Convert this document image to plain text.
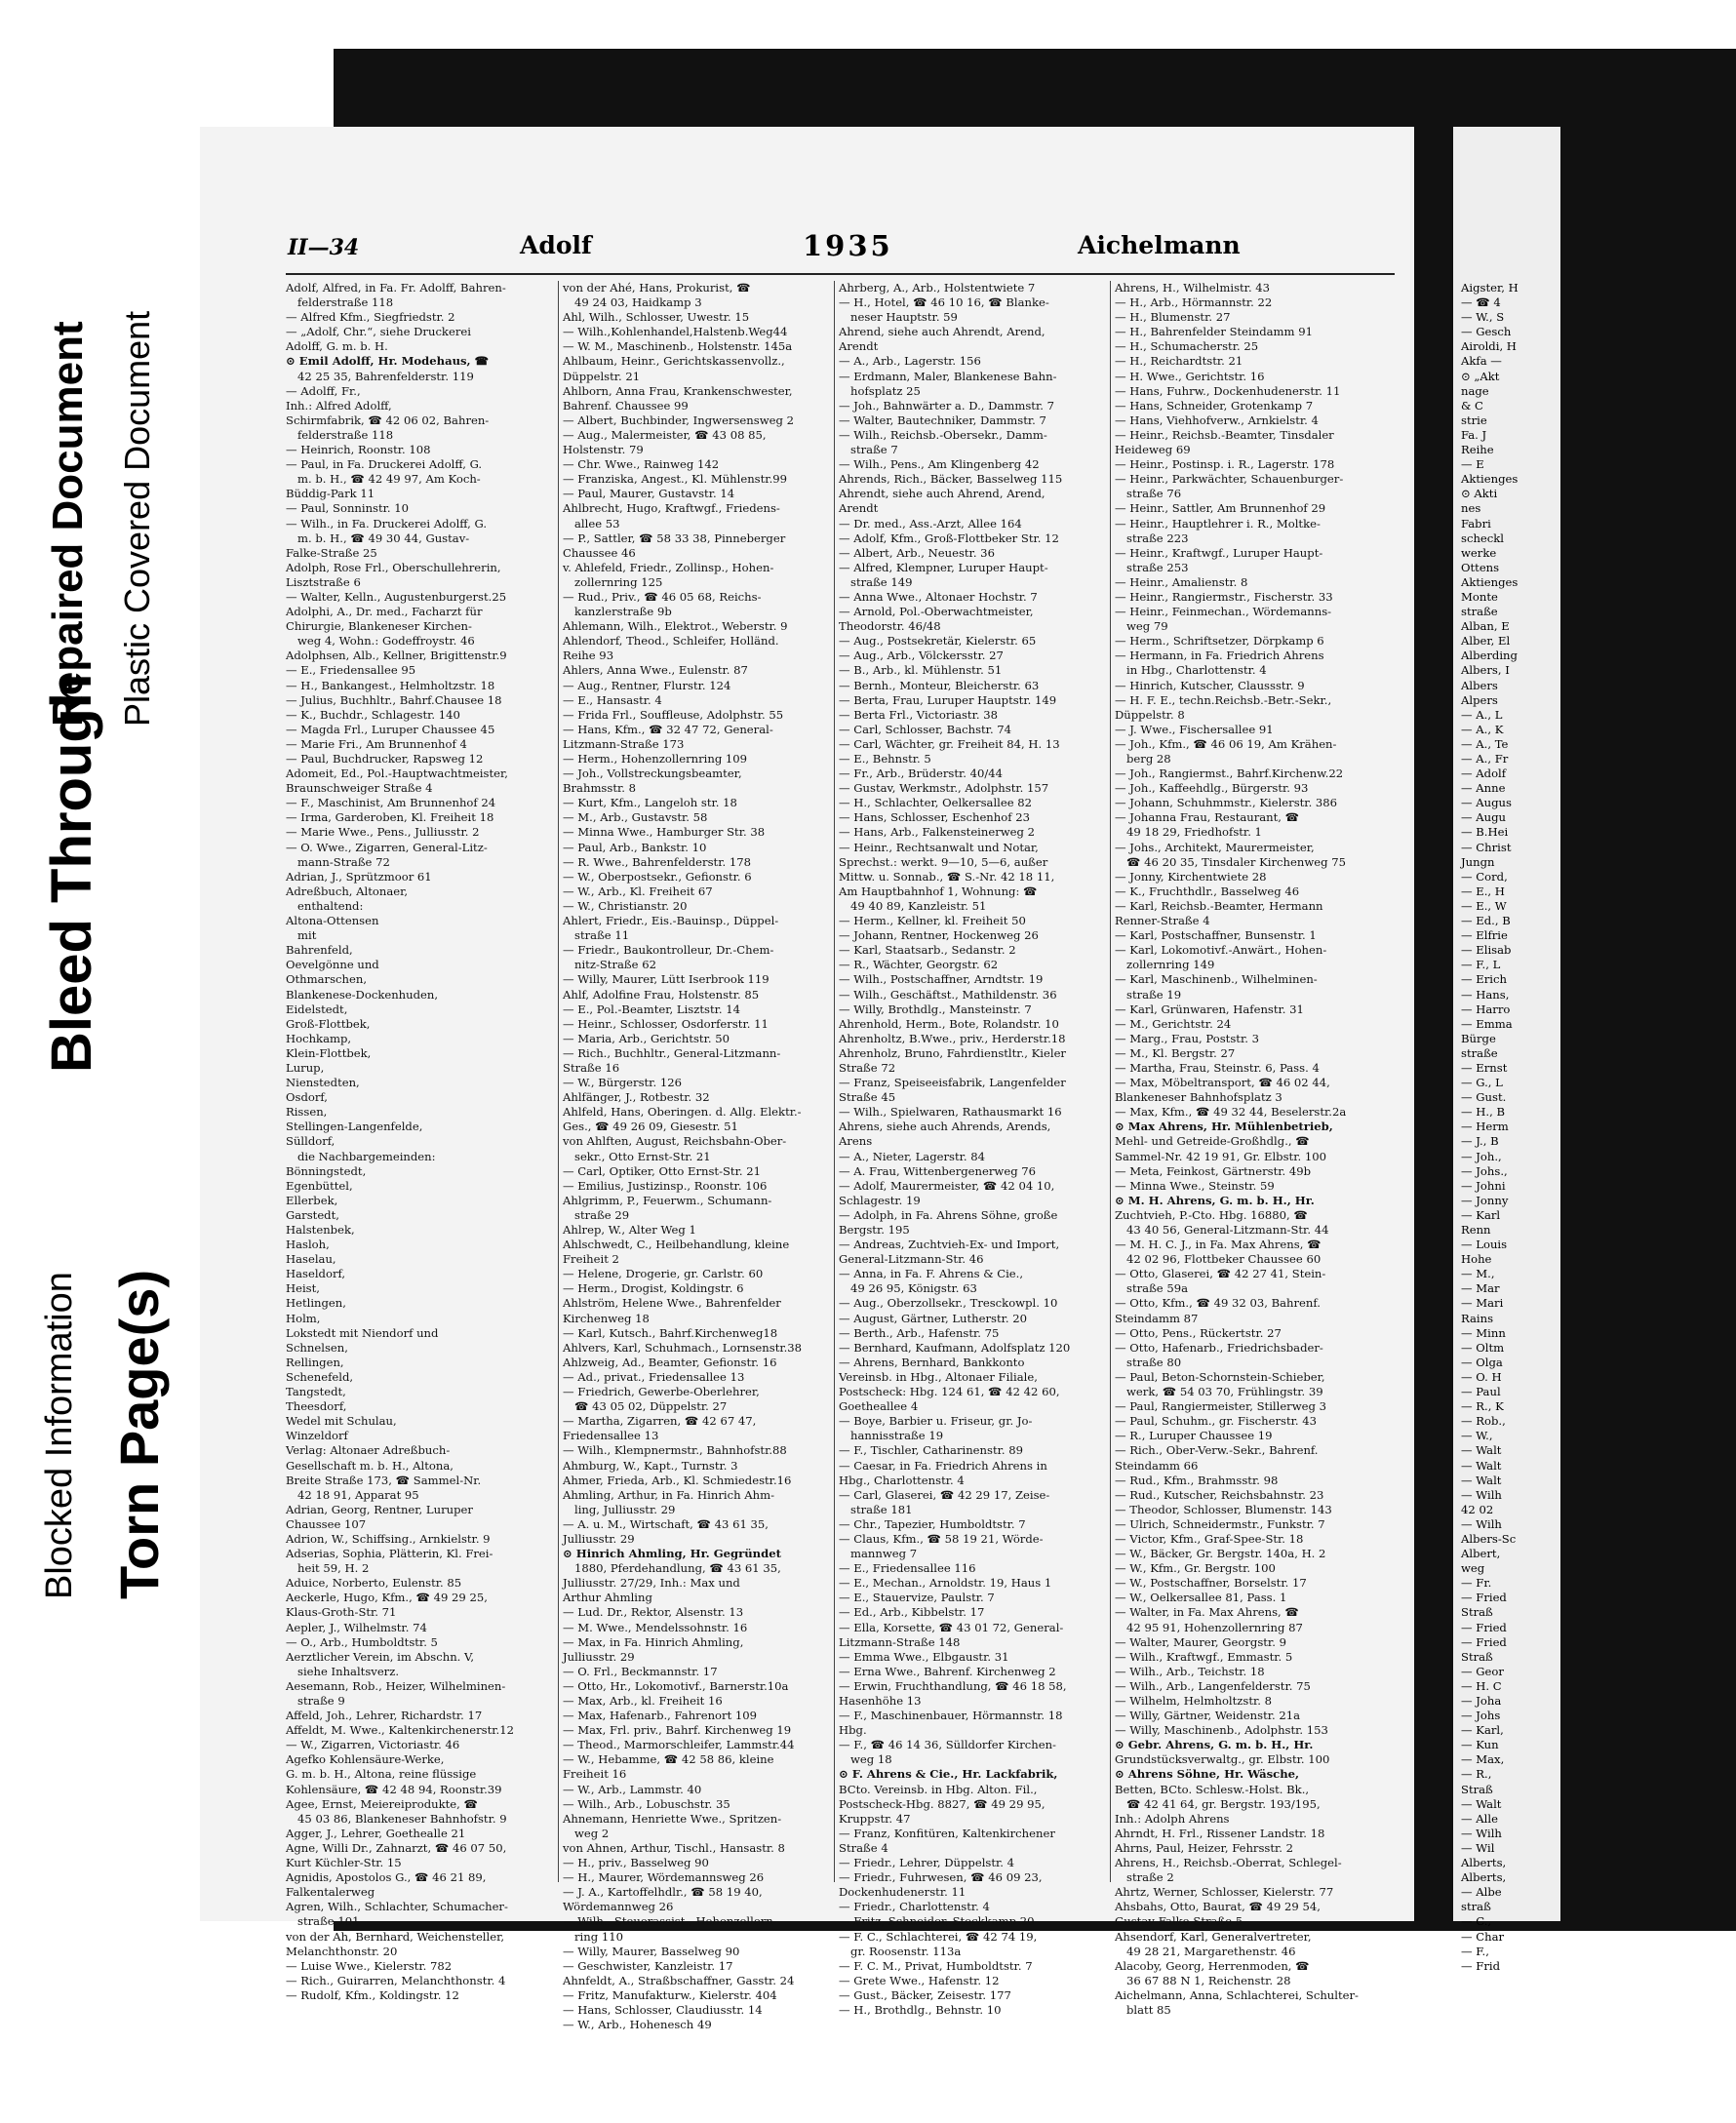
Blocked Information
Bleed Through
Torn Page(s)
Repaired Document Plastic Covered Document
II—34	Adolf	1935	Aichelmann
Adolf, Alfred, in Fa. Fr. Adolff, Bahren-
felderstraße 118
— Alfred Kfm., Siegfriedstr. 2
— „Adolf, Chr.“, siehe Druckerei
Adolff, G. m. b. H.
⊙ Emil Adolff, Hr. Modehaus, ☎
42 25 35, Bahrenfelderstr. 119
— Adolff, Fr.,
Inh.: Alfred Adolff,
Schirmfabrik, ☎ 42 06 02, Bahren-
felderstraße 118
— Heinrich, Roonstr. 108
— Paul, in Fa. Druckerei Adolff, G.
m. b. H., ☎ 42 49 97, Am Koch-
Büddig-Park 11
— Paul, Sonninstr. 10
— Wilh., in Fa. Druckerei Adolff, G.
m. b. H., ☎ 49 30 44, Gustav-
Falke-Straße 25
Adolph, Rose Frl., Oberschullehrerin,
Lisztstraße 6
— Walter, Kelln., Augustenburgerst.25
Adolphi, A., Dr. med., Facharzt für
Chirurgie, Blankeneser Kirchen-
weg 4, Wohn.: Godeffroystr. 46
Adolphsen, Alb., Kellner, Brigittenstr.9
— E., Friedensallee 95
— H., Bankangest., Helmholtzstr. 18
— Julius, Buchhltr., Bahrf.Chausee 18
— K., Buchdr., Schlagestr. 140
— Magda Frl., Luruper Chaussee 45
— Marie Fri., Am Brunnenhof 4
— Paul, Buchdrucker, Rapsweg 12
Adomeit, Ed., Pol.-Hauptwachtmeister,
Braunschweiger Straße 4
— F., Maschinist, Am Brunnenhof 24
— Irma, Garderoben, Kl. Freiheit 18
— Marie Wwe., Pens., Julliusstr. 2
— O. Wwe., Zigarren, General-Litz-
mann-Straße 72
Adrian, J., Sprützmoor 61
Adreßbuch, Altonaer,
enthaltend:
Altona-Ottensen
mit
Bahrenfeld,
Oevelgönne und
Othmarschen,
Blankenese-Dockenhuden,
Eidelstedt,
Groß-Flottbek,
Hochkamp,
Klein-Flottbek,
Lurup,
Nienstedten,
Osdorf,
Rissen,
Stellingen-Langenfelde,
Sülldorf,
die Nachbargemeinden:
Bönningstedt,
Egenbüttel,
Ellerbek,
Garstedt,
Halstenbek,
Hasloh,
Haselau,
Haseldorf,
Heist,
Hetlingen,
Holm,
Lokstedt mit Niendorf und
Schnelsen,
Rellingen,
Schenefeld,
Tangstedt,
Theesdorf,
Wedel mit Schulau,
Winzeldorf
Verlag: Altonaer Adreßbuch-
Gesellschaft m. b. H., Altona,
Breite Straße 173, ☎ Sammel-Nr.
42 18 91, Apparat 95
Adrian, Georg, Rentner, Luruper
Chaussee 107
Adrion, W., Schiffsing., Arnkielstr. 9
Adserias, Sophia, Plätterin, Kl. Frei-
heit 59, H. 2
Aduice, Norberto, Eulenstr. 85
Aeckerle, Hugo, Kfm., ☎ 49 29 25,
Klaus-Groth-Str. 71
Aepler, J., Wilhelmstr. 74
— O., Arb., Humboldtstr. 5
Aerztlicher Verein, im Abschn. V,
siehe Inhaltsverz.
Aesemann, Rob., Heizer, Wilhelminen-
straße 9
Affeld, Joh., Lehrer, Richardstr. 17
Affeldt, M. Wwe., Kaltenkirchenerstr.12
— W., Zigarren, Victoriastr. 46
Agefko Kohlensäure-Werke,
G. m. b. H., Altona, reine flüssige
Kohlensäure, ☎ 42 48 94, Roonstr.39
Agee, Ernst, Meiereiprodukte, ☎
45 03 86, Blankeneser Bahnhofstr. 9
Agger, J., Lehrer, Goethealle 21
Agne, Willi Dr., Zahnarzt, ☎ 46 07 50,
Kurt Küchler-Str. 15
Agnidis, Apostolos G., ☎ 46 21 89,
Falkentalerweg
Agren, Wilh., Schlachter, Schumacher-
straße 101
von der Ah, Bernhard, Weichensteller,
Melanchthonstr. 20
— Luise Wwe., Kielerstr. 782
— Rich., Guirarren, Melanchthonstr. 4
— Rudolf, Kfm., Koldingstr. 12
von der Ahé, Hans, Prokurist, ☎
49 24 03, Haidkamp 3
Ahl, Wilh., Schlosser, Uwestr. 15
— Wilh.,Kohlenhandel,Halstenb.Weg44
— W. M., Maschinenb., Holstenstr. 145a
Ahlbaum, Heinr., Gerichtskassenvollz.,
Düppelstr. 21
Ahlborn, Anna Frau, Krankenschwester,
Bahrenf. Chaussee 99
— Albert, Buchbinder, Ingwersensweg 2
— Aug., Malermeister, ☎ 43 08 85,
Holstenstr. 79
— Chr. Wwe., Rainweg 142
— Franziska, Angest., Kl. Mühlenstr.99
— Paul, Maurer, Gustavstr. 14
Ahlbrecht, Hugo, Kraftwgf., Friedens-
allee 53
— P., Sattler, ☎ 58 33 38, Pinneberger
Chaussee 46
v. Ahlefeld, Friedr., Zollinsp., Hohen-
zollernring 125
— Rud., Priv., ☎ 46 05 68, Reichs-
kanzlerstraße 9b
Ahlemann, Wilh., Elektrot., Weberstr. 9
Ahlendorf, Theod., Schleifer, Holländ.
Reihe 93
Ahlers, Anna Wwe., Eulenstr. 87
— Aug., Rentner, Flurstr. 124
— E., Hansastr. 4
— Frida Frl., Souffleuse, Adolphstr. 55
— Hans, Kfm., ☎ 32 47 72, General-
Litzmann-Straße 173
— Herm., Hohenzollernring 109
— Joh., Vollstreckungsbeamter,
Brahmsstr. 8
— Kurt, Kfm., Langeloh str. 18
— M., Arb., Gustavstr. 58
— Minna Wwe., Hamburger Str. 38
— Paul, Arb., Bankstr. 10
— R. Wwe., Bahrenfelderstr. 178
— W., Oberpostsekr., Gefionstr. 6
— W., Arb., Kl. Freiheit 67
— W., Christianstr. 20
Ahlert, Friedr., Eis.-Bauinsp., Düppel-
straße 11
— Friedr., Baukontrolleur, Dr.-Chem-
nitz-Straße 62
— Willy, Maurer, Lütt Iserbrook 119
Ahlf, Adolfine Frau, Holstenstr. 85
— E., Pol.-Beamter, Lisztstr. 14
— Heinr., Schlosser, Osdorferstr. 11
— Maria, Arb., Gerichtstr. 50
— Rich., Buchhltr., General-Litzmann-
Straße 16
— W., Bürgerstr. 126
Ahlfänger, J., Rotbestr. 32
Ahlfeld, Hans, Oberingen. d. Allg. Elektr.-
Ges., ☎ 49 26 09, Giesestr. 51
von Ahlften, August, Reichsbahn-Ober-
sekr., Otto Ernst-Str. 21
— Carl, Optiker, Otto Ernst-Str. 21
— Emilius, Justizinsp., Roonstr. 106
Ahlgrimm, P., Feuerwm., Schumann-
straße 29
Ahlrep, W., Alter Weg 1
Ahlschwedt, C., Heilbehandlung, kleine
Freiheit 2
— Helene, Drogerie, gr. Carlstr. 60
— Herm., Drogist, Koldingstr. 6
Ahlström, Helene Wwe., Bahrenfelder
Kirchenweg 18
— Karl, Kutsch., Bahrf.Kirchenweg18
Ahlvers, Karl, Schuhmach., Lornsenstr.38
Ahlzweig, Ad., Beamter, Gefionstr. 16
— Ad., privat., Friedensallee 13
— Friedrich, Gewerbe-Oberlehrer,
☎ 43 05 02, Düppelstr. 27
— Martha, Zigarren, ☎ 42 67 47,
Friedensallee 13
— Wilh., Klempnermstr., Bahnhofstr.88
Ahmburg, W., Kapt., Turnstr. 3
Ahmer, Frieda, Arb., Kl. Schmiedestr.16
Ahmling, Arthur, in Fa. Hinrich Ahm-
ling, Julliusstr. 29
— A. u. M., Wirtschaft, ☎ 43 61 35,
Julliusstr. 29
⊙ Hinrich Ahmling, Hr. Gegründet
1880, Pferdehandlung, ☎ 43 61 35,
Julliusstr. 27/29, Inh.: Max und
Arthur Ahmling
— Lud. Dr., Rektor, Alsenstr. 13
— M. Wwe., Mendelssohnstr. 16
— Max, in Fa. Hinrich Ahmling,
Julliusstr. 29
— O. Frl., Beckmannstr. 17
— Otto, Hr., Lokomotivf., Barnerstr.10a
— Max, Arb., kl. Freiheit 16
— Max, Hafenarb., Fahrenort 109
— Max, Frl. priv., Bahrf. Kirchenweg 19
— Theod., Marmorschleifer, Lammstr.44
— W., Hebamme, ☎ 42 58 86, kleine
Freiheit 16
— W., Arb., Lammstr. 40
— Wilh., Arb., Lobuschstr. 35
Ahnemann, Henriette Wwe., Spritzen-
weg 2
von Ahnen, Arthur, Tischl., Hansastr. 8
— H., priv., Basselweg 90
— H., Maurer, Wördemannsweg 26
— J. A., Kartoffelhdlr., ☎ 58 19 40,
Wördemannweg 26
— Wilh., Steuerassist., Hohenzollern-
ring 110
— Willy, Maurer, Basselweg 90
— Geschwister, Kanzleistr. 17
Ahnfeldt, A., Straßbschaffner, Gasstr. 24
— Fritz, Manufakturw., Kielerstr. 404
— Hans, Schlosser, Claudiusstr. 14
— W., Arb., Hohenesch 49
Ahrberg, A., Arb., Holstentwiete 7
— H., Hotel, ☎ 46 10 16, ☎ Blanke-
neser Hauptstr. 59
Ahrend, siehe auch Ahrendt, Arend,
Arendt
— A., Arb., Lagerstr. 156
— Erdmann, Maler, Blankenese Bahn-
hofsplatz 25
— Joh., Bahnwärter a. D., Dammstr. 7
— Walter, Bautechniker, Dammstr. 7
— Wilh., Reichsb.-Obersekr., Damm-
straße 7
— Wilh., Pens., Am Klingenberg 42
Ahrends, Rich., Bäcker, Basselweg 115
Ahrendt, siehe auch Ahrend, Arend,
Arendt
— Dr. med., Ass.-Arzt, Allee 164
— Adolf, Kfm., Groß-Flottbeker Str. 12
— Albert, Arb., Neuestr. 36
— Alfred, Klempner, Luruper Haupt-
straße 149
— Anna Wwe., Altonaer Hochstr. 7
— Arnold, Pol.-Oberwachtmeister,
Theodorstr. 46/48
— Aug., Postsekretär, Kielerstr. 65
— Aug., Arb., Völckersstr. 27
— B., Arb., kl. Mühlenstr. 51
— Bernh., Monteur, Bleicherstr. 63
— Berta, Frau, Luruper Hauptstr. 149
— Berta Frl., Victoriastr. 38
— Carl, Schlosser, Bachstr. 74
— Carl, Wächter, gr. Freiheit 84, H. 13
— E., Behnstr. 5
— Fr., Arb., Brüderstr. 40/44
— Gustav, Werkmstr., Adolphstr. 157
— H., Schlachter, Oelkersallee 82
— Hans, Schlosser, Eschenhof 23
— Hans, Arb., Falkensteinerweg 2
— Heinr., Rechtsanwalt und Notar,
Sprechst.: werkt. 9—10, 5—6, außer
Mittw. u. Sonnab., ☎ S.-Nr. 42 18 11,
Am Hauptbahnhof 1, Wohnung: ☎
49 40 89, Kanzleistr. 51
— Herm., Kellner, kl. Freiheit 50
— Johann, Rentner, Hockenweg 26
— Karl, Staatsarb., Sedanstr. 2
— R., Wächter, Georgstr. 62
— Wilh., Postschaffner, Arndtstr. 19
— Wilh., Geschäftst., Mathildenstr. 36
— Willy, Brothdlg., Mansteinstr. 7
Ahrenhold, Herm., Bote, Rolandstr. 10
Ahrenholtz, B.Wwe., priv., Herderstr.18
Ahrenholz, Bruno, Fahrdienstltr., Kieler
Straße 72
— Franz, Speiseeisfabrik, Langenfelder
Straße 45
— Wilh., Spielwaren, Rathausmarkt 16
Ahrens, siehe auch Ahrends, Arends,
Arens
— A., Nieter, Lagerstr. 84
— A. Frau, Wittenbergenerweg 76
— Adolf, Maurermeister, ☎ 42 04 10,
Schlagestr. 19
— Adolph, in Fa. Ahrens Söhne, große
Bergstr. 195
— Andreas, Zuchtvieh-Ex- und Import,
General-Litzmann-Str. 46
— Anna, in Fa. F. Ahrens & Cie.,
49 26 95, Königstr. 63
— Aug., Oberzollsekr., Tresckowpl. 10
— August, Gärtner, Lutherstr. 20
— Berth., Arb., Hafenstr. 75
— Bernhard, Kaufmann, Adolfsplatz 120
— Ahrens, Bernhard, Bankkonto
Vereinsb. in Hbg., Altonaer Filiale,
Postscheck: Hbg. 124 61, ☎ 42 42 60,
Goetheallee 4
— Boye, Barbier u. Friseur, gr. Jo-
hannisstraße 19
— F., Tischler, Catharinenstr. 89
— Caesar, in Fa. Friedrich Ahrens in
Hbg., Charlottenstr. 4
— Carl, Glaserei, ☎ 42 29 17, Zeise-
straße 181
— Chr., Tapezier, Humboldtstr. 7
— Claus, Kfm., ☎ 58 19 21, Wörde-
mannweg 7
— E., Friedensallee 116
— E., Mechan., Arnoldstr. 19, Haus 1
— E., Stauervize, Paulstr. 7
— Ed., Arb., Kibbelstr. 17
— Ella, Korsette, ☎ 43 01 72, General-
Litzmann-Straße 148
— Emma Wwe., Elbgaustr. 31
— Erna Wwe., Bahrenf. Kirchenweg 2
— Erwin, Fruchthandlung, ☎ 46 18 58,
Hasenhöhe 13
— F., Maschinenbauer, Hörmannstr. 18
Hbg.
— F., ☎ 46 14 36, Sülldorfer Kirchen-
weg 18
⊙ F. Ahrens & Cie., Hr. Lackfabrik,
BCto. Vereinsb. in Hbg. Alton. Fil.,
Postscheck-Hbg. 8827, ☎ 49 29 95,
Kruppstr. 47
— Franz, Konfitüren, Kaltenkirchener
Straße 4
— Friedr., Lehrer, Düppelstr. 4
— Friedr., Fuhrwesen, ☎ 46 09 23,
Dockenhudenerstr. 11
— Friedr., Charlottenstr. 4
— Fritz, Schneider, Stockkamp 20
— F. C., Schlachterei, ☎ 42 74 19,
gr. Roosenstr. 113a
— F. C. M., Privat, Humboldtstr. 7
— Grete Wwe., Hafenstr. 12
— Gust., Bäcker, Zeisestr. 177
— H., Brothdlg., Behnstr. 10
Ahrens, H., Wilhelmistr. 43
— H., Arb., Hörmannstr. 22
— H., Blumenstr. 27
— H., Bahrenfelder Steindamm 91
— H., Schumacherstr. 25
— H., Reichardtstr. 21
— H. Wwe., Gerichtstr. 16
— Hans, Fuhrw., Dockenhudenerstr. 11
— Hans, Schneider, Grotenkamp 7
— Hans, Viehhofverw., Arnkielstr. 4
— Heinr., Reichsb.-Beamter, Tinsdaler
Heideweg 69
— Heinr., Postinsp. i. R., Lagerstr. 178
— Heinr., Parkwächter, Schauenburger-
straße 76
— Heinr., Sattler, Am Brunnenhof 29
— Heinr., Hauptlehrer i. R., Moltke-
straße 223
— Heinr., Kraftwgf., Luruper Haupt-
straße 253
— Heinr., Amalienstr. 8
— Heinr., Rangiermstr., Fischerstr. 33
— Heinr., Feinmechan., Wördemanns-
weg 79
— Herm., Schriftsetzer, Dörpkamp 6
— Hermann, in Fa. Friedrich Ahrens
in Hbg., Charlottenstr. 4
— Hinrich, Kutscher, Claussstr. 9
— H. F. E., techn.Reichsb.-Betr.-Sekr.,
Düppelstr. 8
— J. Wwe., Fischersallee 91
— Joh., Kfm., ☎ 46 06 19, Am Krähen-
berg 28
— Joh., Rangiermst., Bahrf.Kirchenw.22
— Joh., Kaffeehdlg., Bürgerstr. 93
— Johann, Schuhmmstr., Kielerstr. 386
— Johanna Frau, Restaurant, ☎
49 18 29, Friedhofstr. 1
— Johs., Architekt, Maurermeister,
☎ 46 20 35, Tinsdaler Kirchenweg 75
— Jonny, Kirchentwiete 28
— K., Fruchthdlr., Basselweg 46
— Karl, Reichsb.-Beamter, Hermann
Renner-Straße 4
— Karl, Postschaffner, Bunsenstr. 1
— Karl, Lokomotivf.-Anwärt., Hohen-
zollernring 149
— Karl, Maschinenb., Wilhelminen-
straße 19
— Karl, Grünwaren, Hafenstr. 31
— M., Gerichtstr. 24
— Marg., Frau, Poststr. 3
— M., Kl. Bergstr. 27
— Martha, Frau, Steinstr. 6, Pass. 4
— Max, Möbeltransport, ☎ 46 02 44,
Blankeneser Bahnhofsplatz 3
— Max, Kfm., ☎ 49 32 44, Beselerstr.2a
⊙ Max Ahrens, Hr. Mühlenbetrieb,
Mehl- und Getreide-Großhdlg., ☎
Sammel-Nr. 42 19 91, Gr. Elbstr. 100
— Meta, Feinkost, Gärtnerstr. 49b
— Minna Wwe., Steinstr. 59
⊙ M. H. Ahrens, G. m. b. H., Hr.
Zuchtvieh, P.-Cto. Hbg. 16880, ☎
43 40 56, General-Litzmann-Str. 44
— M. H. C. J., in Fa. Max Ahrens, ☎
42 02 96, Flottbeker Chaussee 60
— Otto, Glaserei, ☎ 42 27 41, Stein-
straße 59a
— Otto, Kfm., ☎ 49 32 03, Bahrenf.
Steindamm 87
— Otto, Pens., Rückertstr. 27
— Otto, Hafenarb., Friedrichsbader-
straße 80
— Paul, Beton-Schornstein-Schieber,
werk, ☎ 54 03 70, Frühlingstr. 39
— Paul, Rangiermeister, Stillerweg 3
— Paul, Schuhm., gr. Fischerstr. 43
— R., Luruper Chaussee 19
— Rich., Ober-Verw.-Sekr., Bahrenf.
Steindamm 66
— Rud., Kfm., Brahmsstr. 98
— Rud., Kutscher, Reichsbahnstr. 23
— Theodor, Schlosser, Blumenstr. 143
— Ulrich, Schneidermstr., Funkstr. 7
— Victor, Kfm., Graf-Spee-Str. 18
— W., Bäcker, Gr. Bergstr. 140a, H. 2
— W., Kfm., Gr. Bergstr. 100
— W., Postschaffner, Borselstr. 17
— W., Oelkersallee 81, Pass. 1
— Walter, in Fa. Max Ahrens, ☎
42 95 91, Hohenzollernring 87
— Walter, Maurer, Georgstr. 9
— Wilh., Kraftwgf., Emmastr. 5
— Wilh., Arb., Teichstr. 18
— Wilh., Arb., Langenfelderstr. 75
— Wilhelm, Helmholtzstr. 8
— Willy, Gärtner, Weidenstr. 21a
— Willy, Maschinenb., Adolphstr. 153
⊙ Gebr. Ahrens, G. m. b. H., Hr.
Grundstücksverwaltg., gr. Elbstr. 100
⊙ Ahrens Söhne, Hr. Wäsche,
Betten, BCto. Schlesw.-Holst. Bk.,
☎ 42 41 64, gr. Bergstr. 193/195,
Inh.: Adolph Ahrens
Ahrndt, H. Frl., Rissener Landstr. 18
Ahrns, Paul, Heizer, Fehrsstr. 2
Ahrens, H., Reichsb.-Oberrat, Schlegel-
straße 2
Ahrtz, Werner, Schlosser, Kielerstr. 77
Ahsbahs, Otto, Baurat, ☎ 49 29 54,
Gustav-Falke-Straße 5
Ahsendorf, Karl, Generalvertreter,
49 28 21, Margarethenstr. 46
Alacoby, Georg, Herrenmoden, ☎
36 67 88 N 1, Reichenstr. 28
Aichelmann, Anna, Schlachterei, Schulter-
blatt 85
Aigster, H
— ☎ 4
— W., S
— Gesch
Airoldi, H
Akfa —
⊙ „Akt
nage
& C
strie
Fa. J
Reihe
— E
Aktienges
⊙ Akti
nes
Fabri
scheckl
werke
Ottens
Aktienges
Monte
straße
Alban, E
Alber, El
Alberding
Albers, I
Albers
Alpers
— A., L
— A., K
— A., Te
— A., Fr
— Adolf
— Anne
— Augus
— Augu
— B.Hei
— Christ
Jungn
— Cord,
— E., H
— E., W
— Ed., B
— Elfrie
— Elisab
— F., L
— Erich
— Hans,
— Harro
— Emma
Bürge
straße
— Ernst
— G., L
— Gust.
— H., B
— Herm
— J., B
— Joh.,
— Johs.,
— Johni
— Jonny
— Karl
Renn
— Louis
Hohe
— M.,
— Mar
— Mari
Rains
— Minn
— Oltm
— Olga
— O. H
— Paul
— R., K
— Rob.,
— W.,
— Walt
— Walt
— Walt
— Wilh
42 02
— Wilh
Albers-Sc
Albert,
weg
— Fr.
— Fried
Straß
— Fried
— Fried
Straß
— Geor
— H. C
— Joha
— Johs
— Karl,
— Kun
— Max,
— R.,
Straß
— Walt
— Alle
— Wilh
— Wil
Alberts,
Alberts,
— Albe
straß
— C.,
— Char
— F.,
— Frid
